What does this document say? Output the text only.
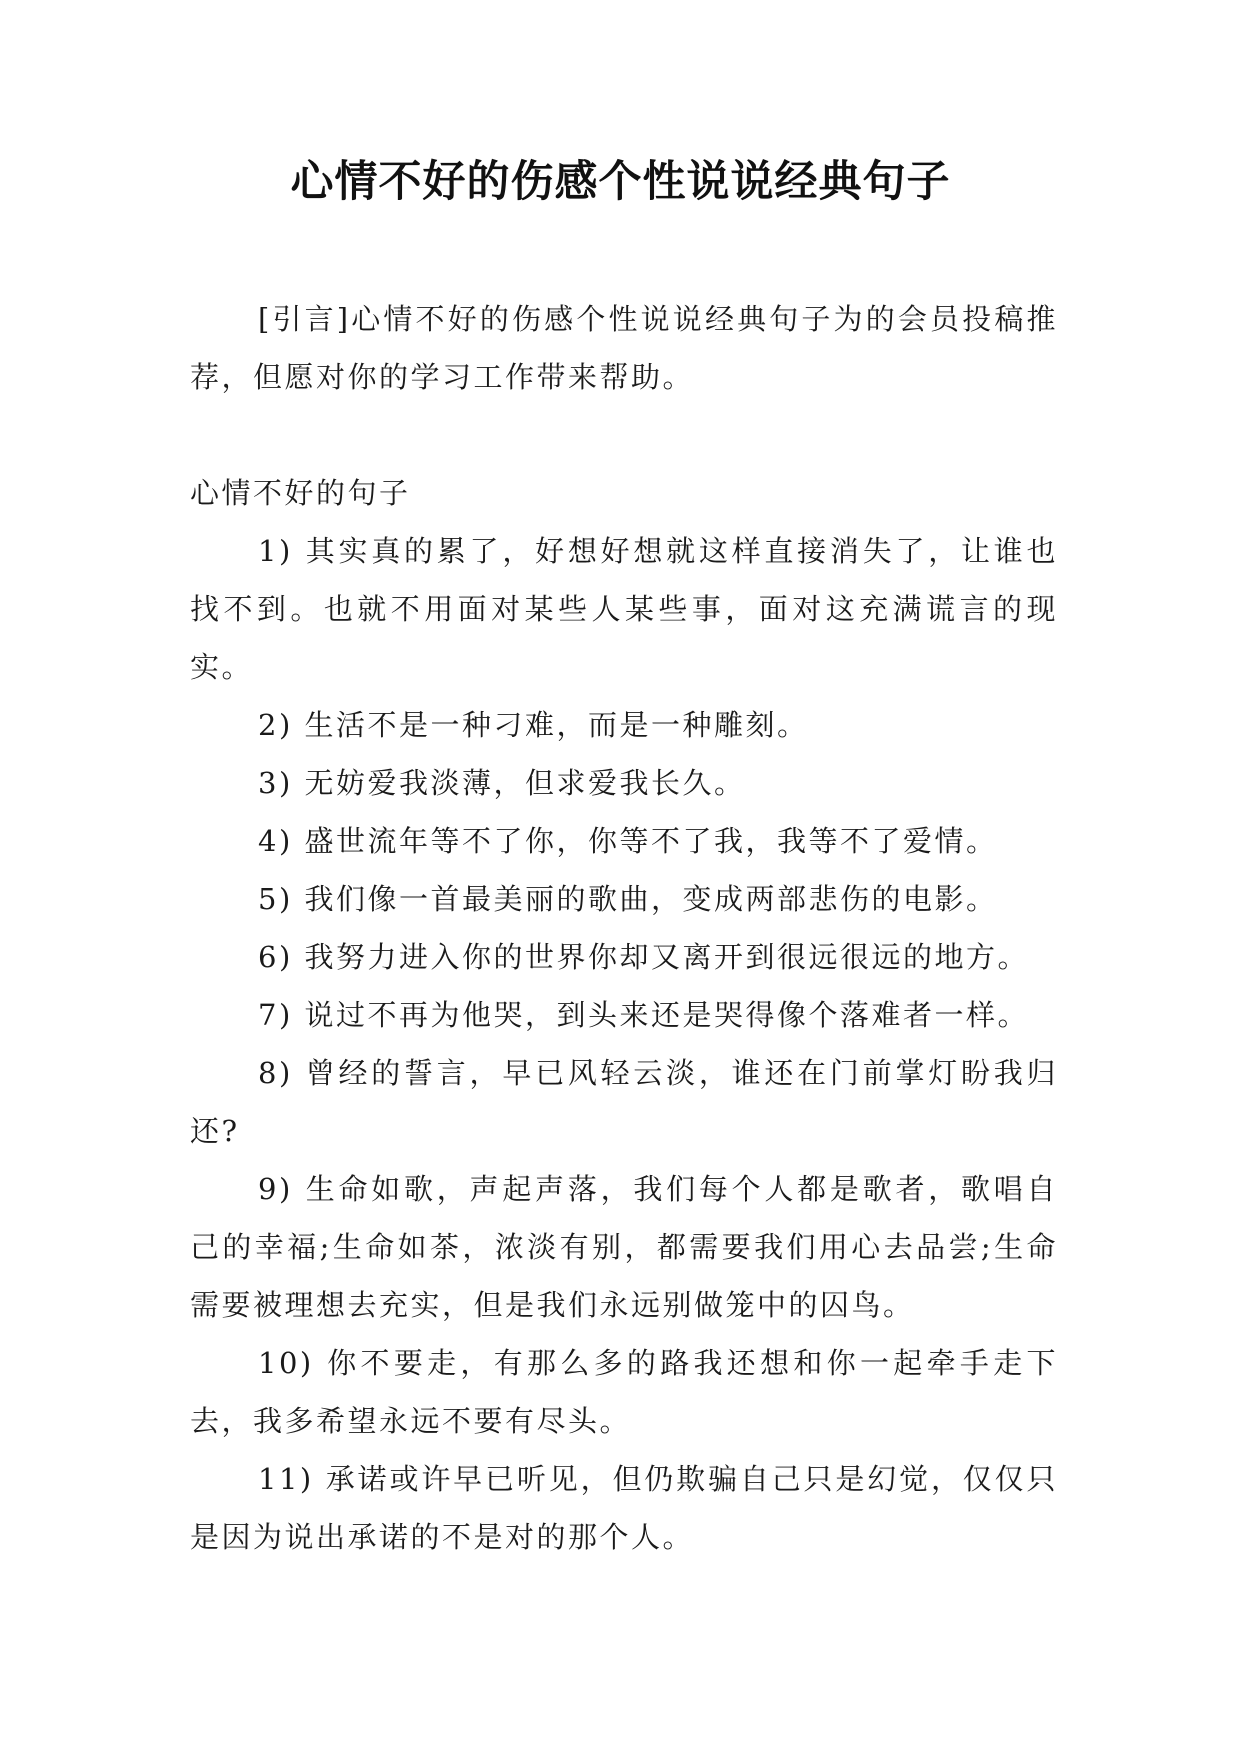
心情不好的伤感个性说说经典句子

[引言]心情不好的伤感个性说说经典句子为的会员投稿推荐，但愿对你的学习工作带来帮助。

心情不好的句子

1) 其实真的累了，好想好想就这样直接消失了，让谁也找不到。也就不用面对某些人某些事，面对这充满谎言的现实。

2) 生活不是一种刁难，而是一种雕刻。

3) 无妨爱我淡薄，但求爱我长久。

4) 盛世流年等不了你，你等不了我，我等不了爱情。

5) 我们像一首最美丽的歌曲，变成两部悲伤的电影。

6) 我努力进入你的世界你却又离开到很远很远的地方。

7) 说过不再为他哭，到头来还是哭得像个落难者一样。

8) 曾经的誓言，早已风轻云淡，谁还在门前掌灯盼我归还?

9) 生命如歌，声起声落，我们每个人都是歌者，歌唱自己的幸福;生命如茶，浓淡有别，都需要我们用心去品尝;生命需要被理想去充实，但是我们永远别做笼中的囚鸟。

10) 你不要走，有那么多的路我还想和你一起牵手走下去，我多希望永远不要有尽头。

11) 承诺或许早已听见，但仍欺骗自己只是幻觉，仅仅只是因为说出承诺的不是对的那个人。
